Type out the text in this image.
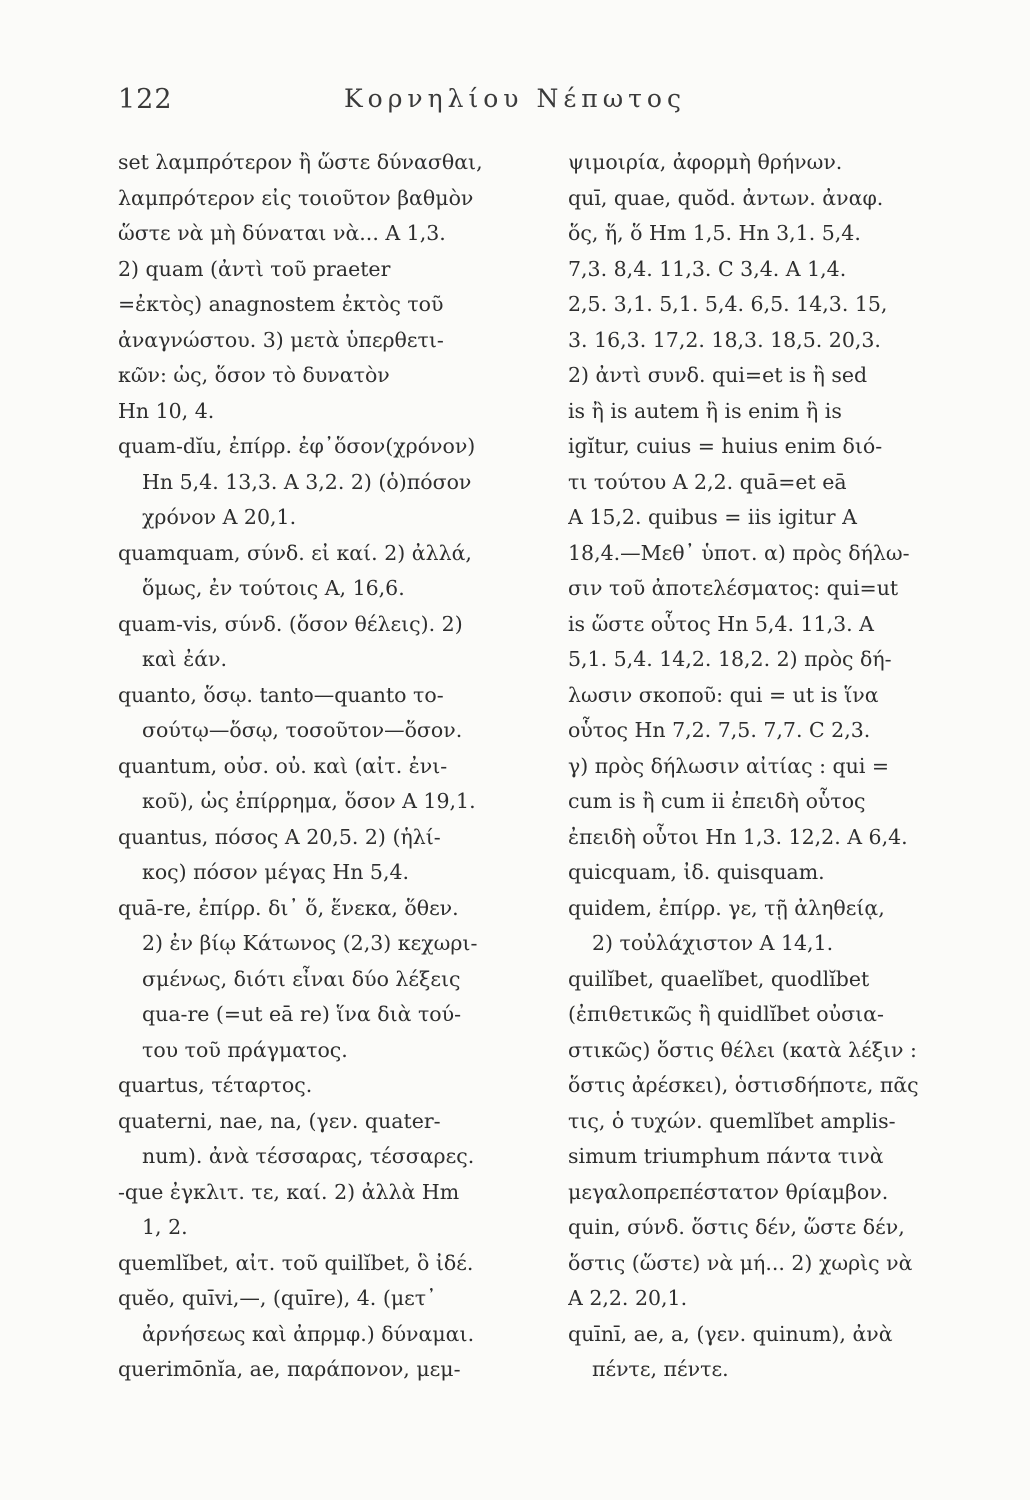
122	Κορνηλίου Νέπωτος
set λαμπρότερον ἢ ὥστε δύνασθαι,
λαμπρότερον εἰς τοιοῦτον βαθμὸν
ὥστε νὰ μὴ δύναται νὰ... A 1,3.
2) quam (ἀντὶ τοῦ praeter
=ἐκτὸς) anagnostem ἐκτὸς τοῦ
ἀναγνώστου. 3) μετὰ ὑπερθετι-
κῶν: ὡς, ὅσον τὸ δυνατὸν
Hn 10, 4.
quam-dĭu, ἐπίρρ. ἐφ᾽ὅσον(χρόνον)
Hn 5,4. 13,3. A 3,2. 2) (ὁ)πόσον
χρόνον A 20,1.
quamquam, σύνδ. εἰ καί. 2) ἀλλά,
ὅμως, ἐν τούτοις A, 16,6.
quam-vis, σύνδ. (ὅσον θέλεις). 2)
καὶ ἐάν.
quanto, ὅσῳ. tanto—quanto το-
σούτῳ—ὅσῳ, τοσοῦτον—ὅσον.
quantum, οὐσ. οὐ. καὶ (αἰτ. ἐνι-
κοῦ), ὡς ἐπίρρημα, ὅσον A 19,1.
quantus, πόσος A 20,5. 2) (ἡλί-
κος) πόσον μέγας Hn 5,4.
quā-re, ἐπίρρ. δι᾽ ὅ, ἕνεκα, ὅθεν.
2) ἐν βίῳ Κάτωνος (2,3) κεχωρι-
σμένως, διότι εἶναι δύο λέξεις
qua-re (=ut eā re) ἵνα διὰ τού-
του τοῦ πράγματος.
quartus, τέταρτος.
quaterni, nae, na, (γεν. quater-
num). ἀνὰ τέσσαρας, τέσσαρες.
-que ἐγκλιτ. τε, καί. 2) ἀλλὰ Hm
1, 2.
quemlĭbet, αἰτ. τοῦ quilĭbet, ὃ ἰδέ.
quĕo, quīvi,—, (quīre), 4. (μετ᾽
ἀρνήσεως καὶ ἀπρμφ.) δύναμαι.
querimōnĭa, ae, παράπονον, μεμ-
ψιμοιρία, ἀφορμὴ θρήνων.
quī, quae, quŏd. ἀντων. ἀναφ.
ὅς, ἥ, ὅ Hm 1,5. Hn 3,1. 5,4.
7,3. 8,4. 11,3. C 3,4. A 1,4.
2,5. 3,1. 5,1. 5,4. 6,5. 14,3. 15,
3. 16,3. 17,2. 18,3. 18,5. 20,3.
2) ἀντὶ συνδ. qui=et is ἢ sed
is ἢ is autem ἢ is enim ἢ is
igĭtur, cuius = huius enim διό-
τι τούτου A 2,2. quā=et eā
A 15,2. quibus = iis igitur A
18,4.—Μεθ᾽ ὑποτ. α) πρὸς δήλω-
σιν τοῦ ἀποτελέσματος: qui=ut
is ὥστε οὗτος Hn 5,4. 11,3. A
5,1. 5,4. 14,2. 18,2. 2) πρὸς δή-
λωσιν σκοποῦ: qui = ut is ἵνα
οὗτος Hn 7,2. 7,5. 7,7. C 2,3.
γ) πρὸς δήλωσιν αἰτίας : qui =
cum is ἢ cum ii ἐπειδὴ οὗτος
ἐπειδὴ οὗτοι Hn 1,3. 12,2. A 6,4.
quicquam, ἰδ. quisquam.
quidem, ἐπίρρ. γε, τῇ ἀληθείᾳ,
2) τοὐλάχιστον A 14,1.
quilĭbet, quaelĭbet, quodlĭbet
(ἐπιθετικῶς ἢ quidlĭbet οὐσια-
στικῶς) ὅστις θέλει (κατὰ λέξιν :
ὅστις ἀρέσκει), ὁστισδήποτε, πᾶς
τις, ὁ τυχών. quemlĭbet amplis-
simum triumphum πάντα τινὰ
μεγαλοπρεπέστατον θρίαμβον.
quin, σύνδ. ὅστις δέν, ὥστε δέν,
ὅστις (ὥστε) νὰ μή... 2) χωρὶς νὰ
A 2,2. 20,1.
quīnī, ae, a, (γεν. quinum), ἀνὰ
πέντε, πέντε.
